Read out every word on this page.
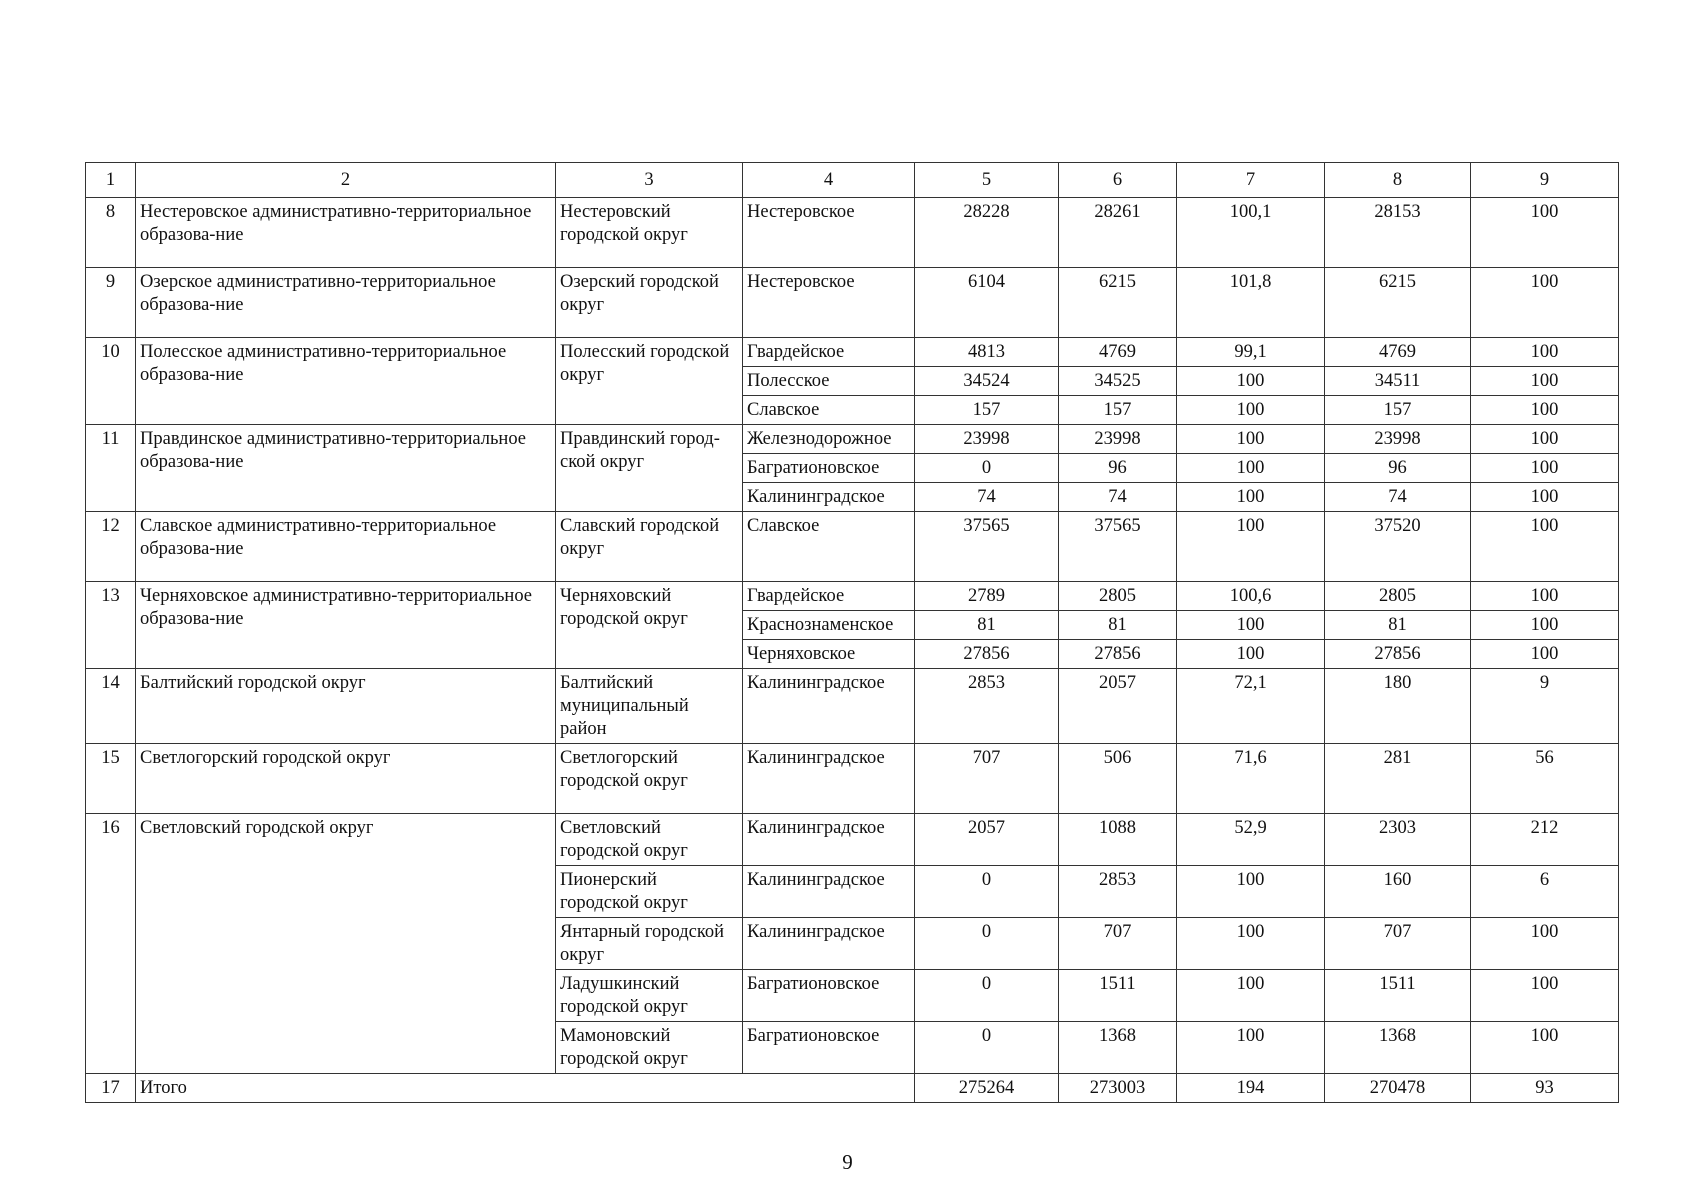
1	2	3	4	5	6	7	8	9
8	Нестеровское административно-территориальное образова-ние	Нестеровский городской округ	Нестеровское	28228	28261	100,1	28153	100
9	Озерское административно-территориальное образова-ние	Озерский городской округ	Нестеровское	6104	6215	101,8	6215	100
10	Полесское административно-территориальное образова-ние	Полесский городской округ	Гвардейское	4813	4769	99,1	4769	100
			Полесское	34524	34525	100	34511	100
			Славское	157	157	100	157	100
11	Правдинское административно-территориальное образова-ние	Правдинский город-ской округ	Железнодорожное	23998	23998	100	23998	100
			Багратионовское	0	96	100	96	100
			Калининградское	74	74	100	74	100
12	Славское административно-территориальное образова-ние	Славский городской округ	Славское	37565	37565	100	37520	100
13	Черняховское административно-территориальное образова-ние	Черняховский городской округ	Гвардейское	2789	2805	100,6	2805	100
			Краснознаменское	81	81	100	81	100
			Черняховское	27856	27856	100	27856	100
14	Балтийский городской округ	Балтийский муниципальный район	Калининградское	2853	2057	72,1	180	9
15	Светлогорский городской округ	Светлогорский городской округ	Калининградское	707	506	71,6	281	56
16	Светловский городской округ	Светловский городской округ	Калининградское	2057	1088	52,9	2303	212
		Пионерский городской округ	Калининградское	0	2853	100	160	6
		Янтарный городской округ	Калининградское	0	707	100	707	100
		Ладушкинский городской округ	Багратионовское	0	1511	100	1511	100
		Мамоновский городской округ	Багратионовское	0	1368	100	1368	100
17	Итого			275264	273003	194	270478	93
9
